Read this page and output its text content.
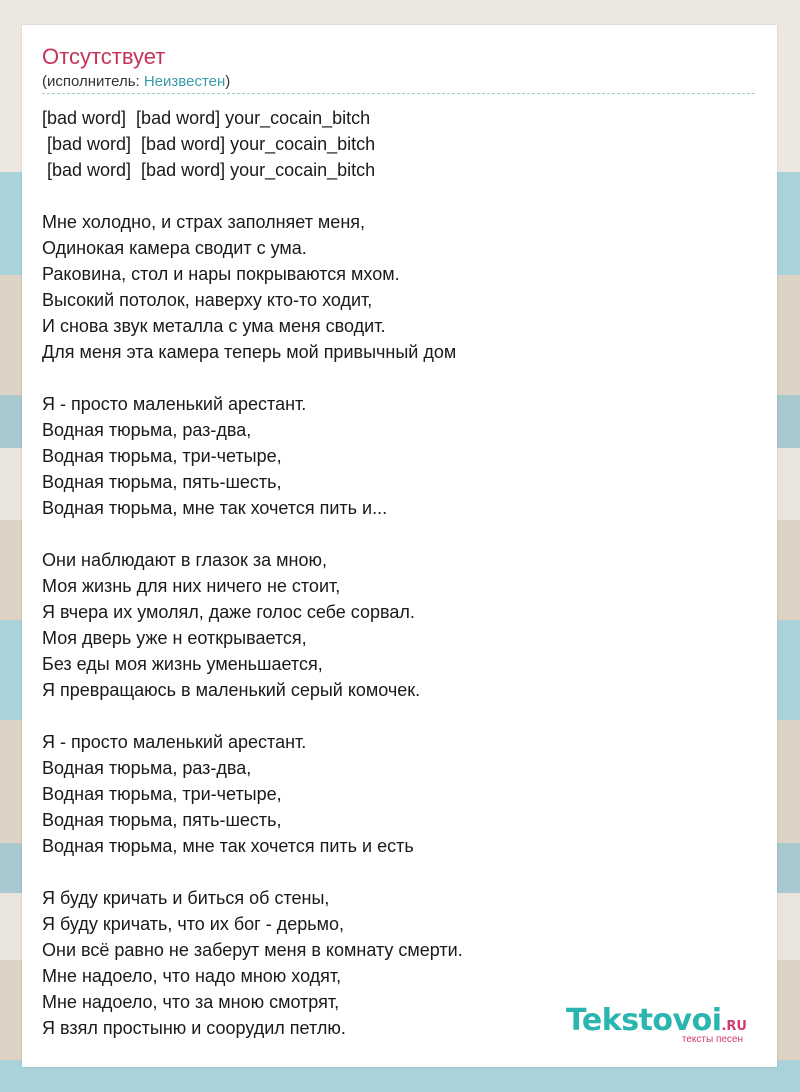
Отсутствует
(исполнитель: Неизвестен)
[bad word]  [bad word] your_cocain_bitch
[bad word]  [bad word] your_cocain_bitch
[bad word]  [bad word] your_cocain_bitch
Мне холодно, и страх заполняет меня,
Одинокая камера сводит с ума.
Раковина, стол и нары покрываются мхом.
Высокий потолок, наверху кто-то ходит,
И снова звук металла с ума меня сводит.
Для меня эта камера теперь мой привычный дом
Я - просто маленький арестант.
Водная тюрьма, раз-два,
Водная тюрьма, три-четыре,
Водная тюрьма, пять-шесть,
Водная тюрьма, мне так хочется пить и...
Они наблюдают в глазок за мною,
Моя жизнь для них ничего не стоит,
Я вчера их умолял, даже голос себе сорвал.
Моя дверь уже н еоткрывается,
Без еды моя жизнь уменьшается,
Я превращаюсь в маленький серый комочек.
Я - просто маленький арестант.
Водная тюрьма, раз-два,
Водная тюрьма, три-четыре,
Водная тюрьма, пять-шесть,
Водная тюрьма, мне так хочется пить и есть
Я буду кричать и биться об стены,
Я буду кричать, что их бог - дерьмо,
Они всё равно не заберут меня в комнату смерти.
Мне надоело, что надо мною ходят,
Мне надоело, что за мною смотрят,
Я взял простыню и соорудил петлю.	Tekstovoi.RU
тексты песен
